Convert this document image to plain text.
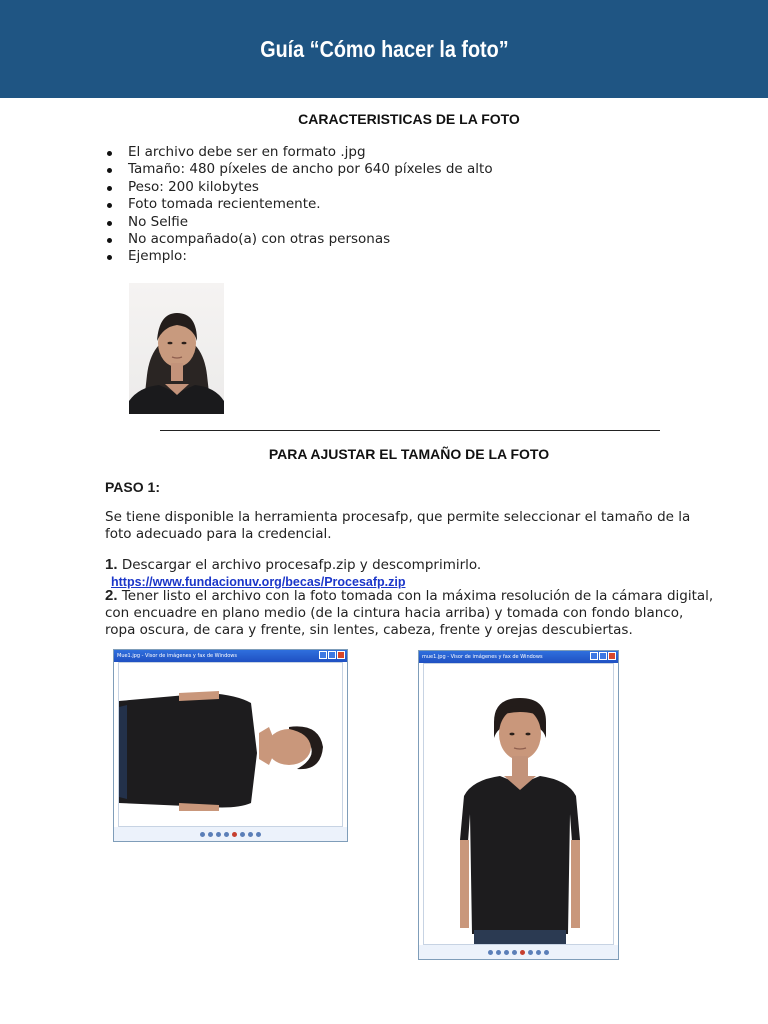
Guía “Cómo hacer la foto”
CARACTERISTICAS DE LA FOTO
El archivo debe ser en formato .jpg
Tamaño: 480 píxeles de ancho por 640 píxeles de alto
Peso: 200 kilobytes
Foto tomada recientemente.
No Selfie
No acompañado(a) con otras personas
Ejemplo:
PARA AJUSTAR EL TAMAÑO DE LA FOTO
PASO 1:
Se tiene disponible la herramienta procesafp, que permite seleccionar el tamaño de la foto adecuado para la credencial.
1. Descargar el archivo procesafp.zip y descomprimirlo. https://www.fundacionuv.org/becas/Procesafp.zip
2. Tener listo el archivo con la foto tomada con la máxima resolución de la cámara digital, con encuadre en plano medio (de la cintura hacia arriba) y tomada con fondo blanco, ropa oscura, de cara y frente, sin lentes, cabeza, frente y orejas descubiertas.
Mue1.jpg - Visor de imágenes y fax de Windows	mue1.jpg - Visor de imágenes y fax de Windows
